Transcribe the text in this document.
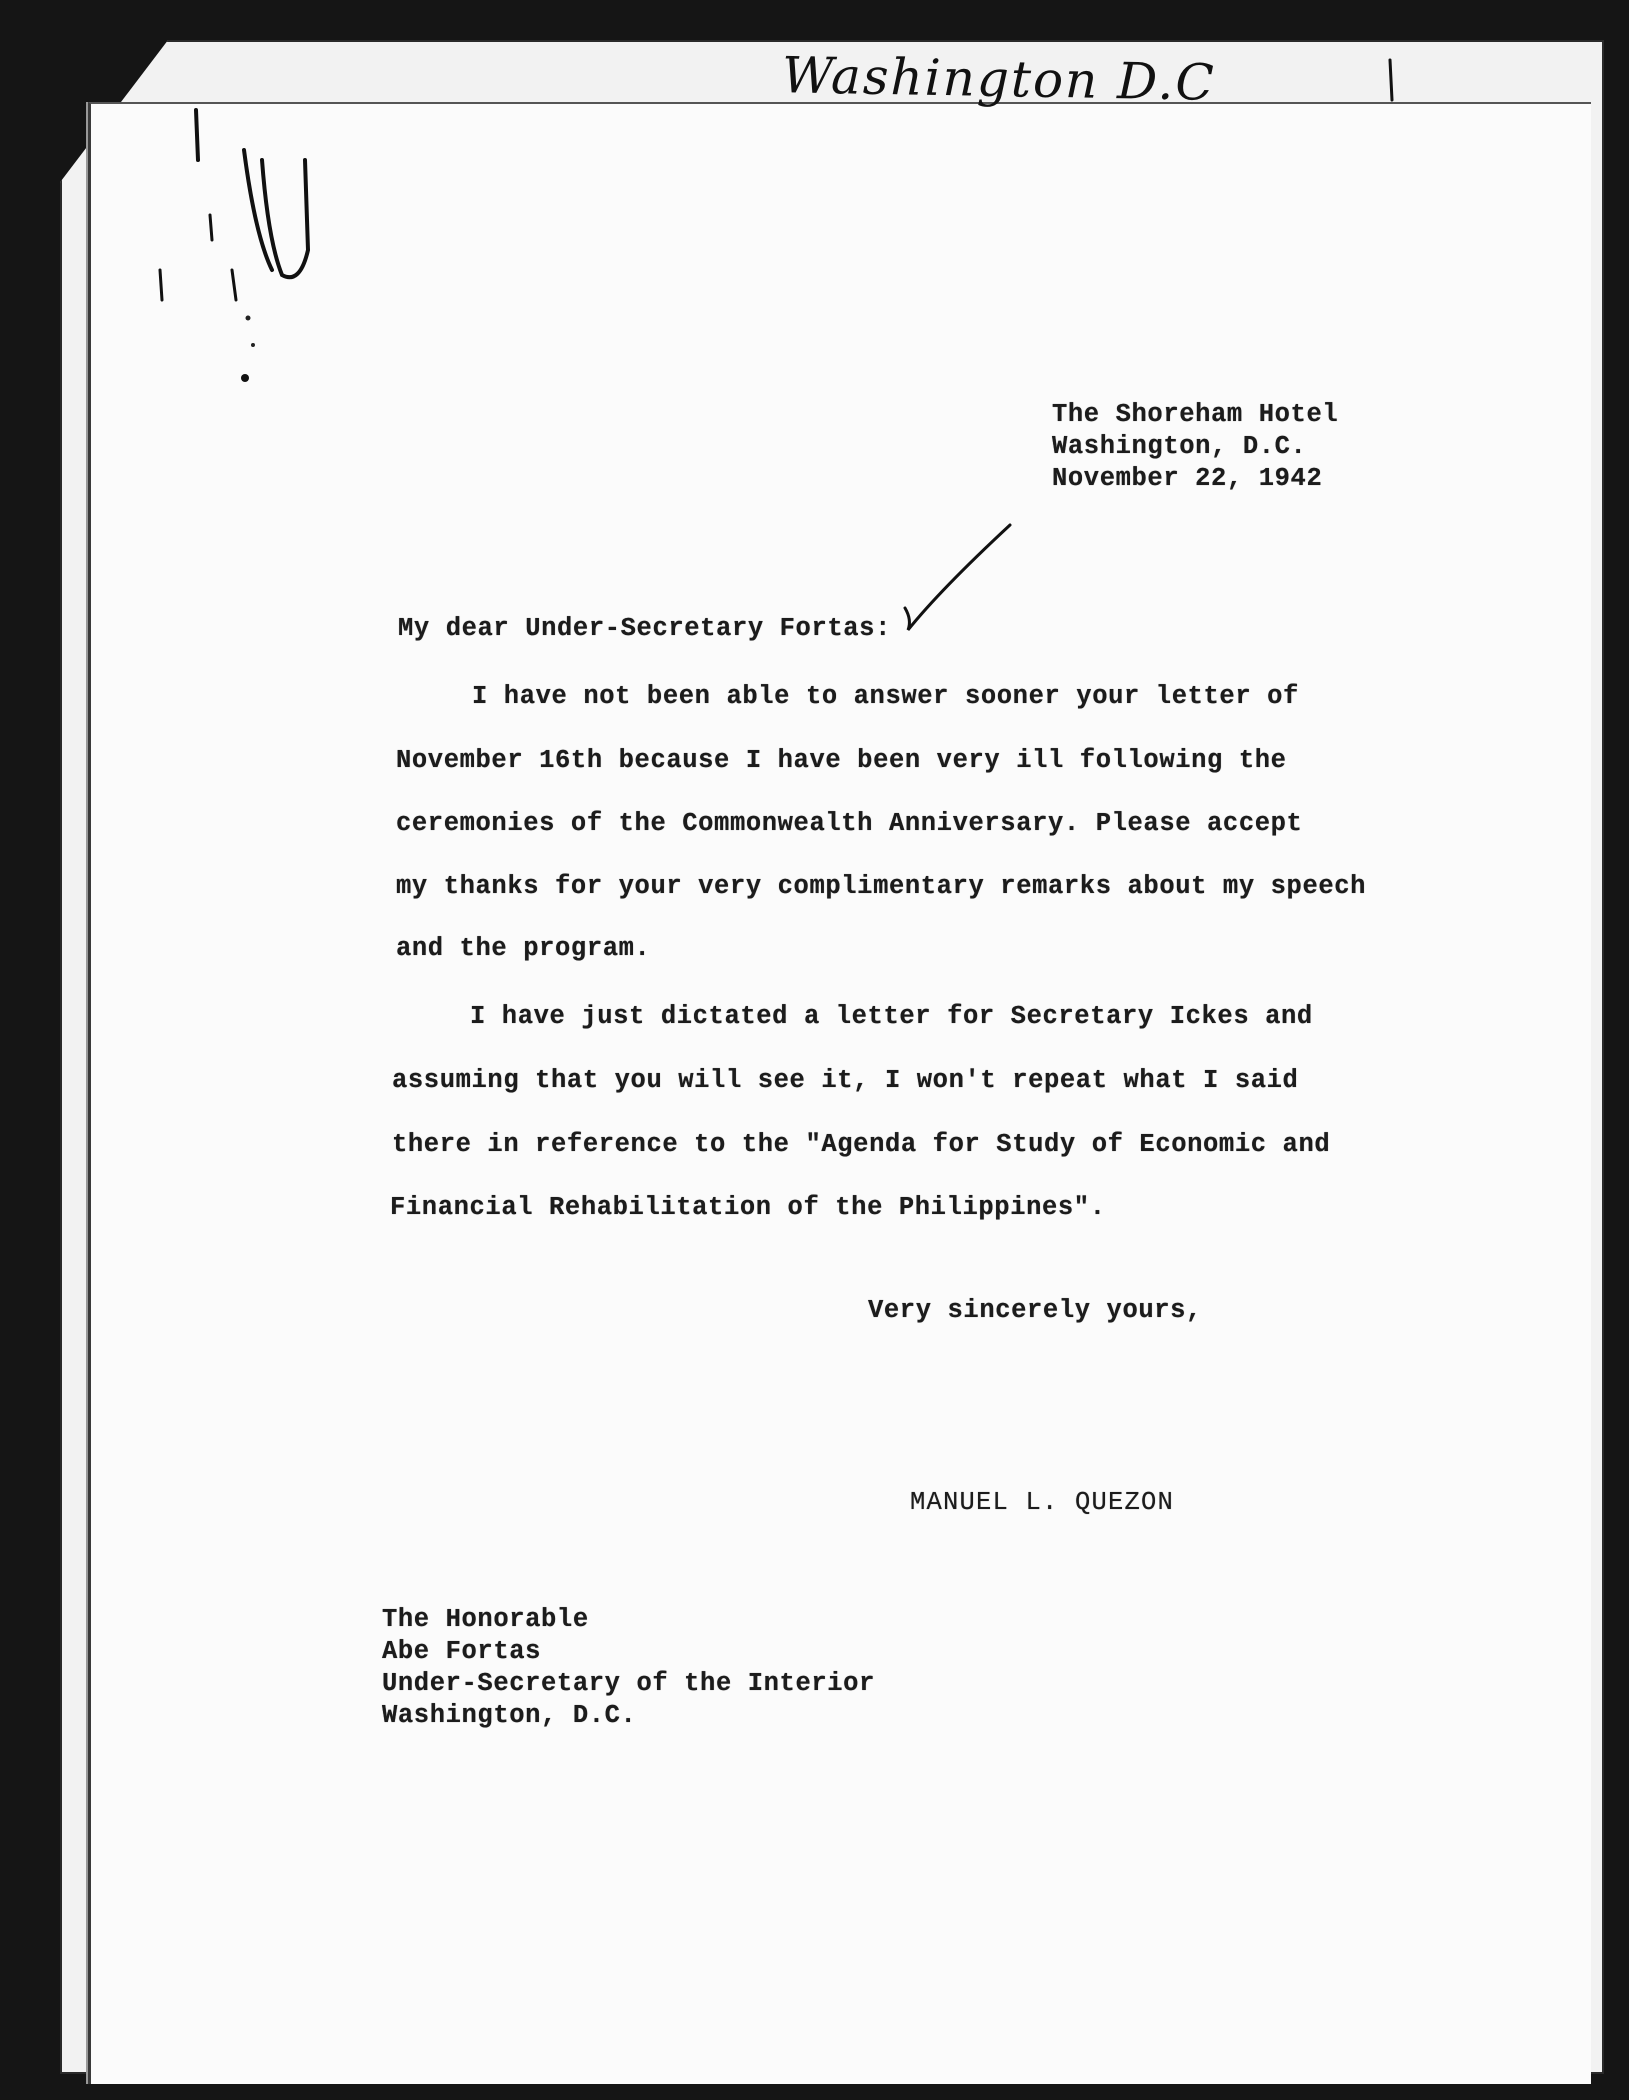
Washington D.C
The Shoreham Hotel
Washington, D.C.
November 22, 1942
My dear Under-Secretary Fortas:
I have not been able to answer sooner your letter of
November 16th because I have been very ill following the
ceremonies of the Commonwealth Anniversary. Please accept
my thanks for your very complimentary remarks about my speech
and the program.
I have just dictated a letter for Secretary Ickes and
assuming that you will see it, I won't repeat what I said
there in reference to the "Agenda for Study of Economic and
Financial Rehabilitation of the Philippines".
Very sincerely yours,
MANUEL L. QUEZON
The Honorable
Abe Fortas
Under-Secretary of the Interior
Washington, D.C.
